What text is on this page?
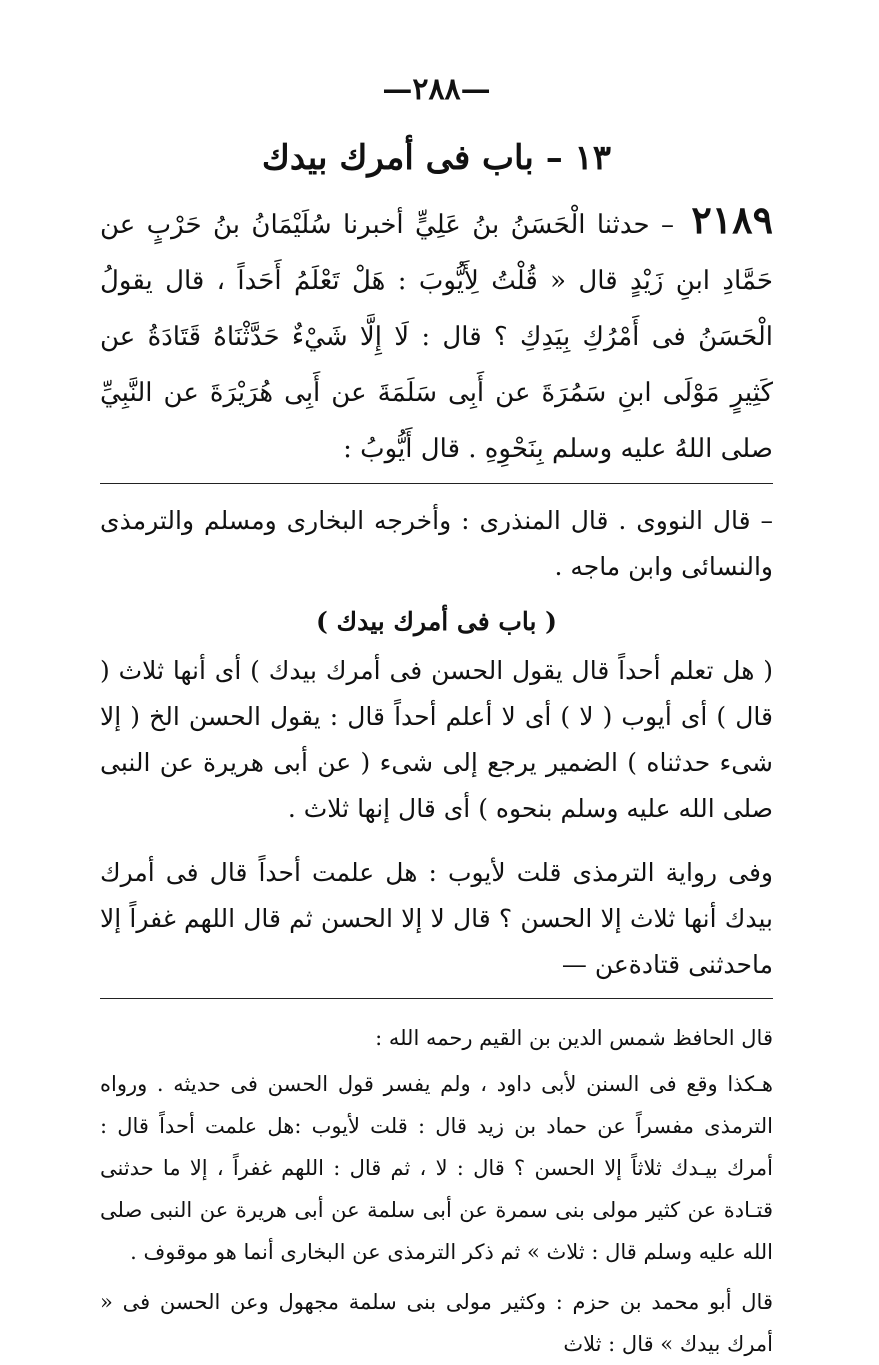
—٢٨٨—
١٣ – باب فى أمرك بيدك

٢١٨٩ – حدثنا الْحَسَنُ بنُ عَلِيٍّ أخبرنا سُلَيْمَانُ بنُ حَرْبٍ عن حَمَّادِ ابنِ زَيْدٍ قال « قُلْتُ لِأَيُّوبَ : هَلْ تَعْلَمُ أَحَداً ، قال يقولُ الْحَسَنُ فى أَمْرُكِ بِيَدِكِ ؟ قال : لَا إِلَّا شَيْءٌ حَدَّثْنَاهُ قَتَادَةُ عن كَثِيرٍ مَوْلَى ابنِ سَمُرَةَ عن أَبِى سَلَمَةَ عن أَبِى هُرَيْرَةَ عن النَّبِيِّ صلى اللهُ عليه وسلم بِنَحْوِهِ . قال أَيُّوبُ :

– قال النووى . قال المنذرى : وأخرجه البخارى ومسلم والترمذى والنسائى وابن ماجه .

( باب فى أمرك بيدك )

( هل تعلم أحداً قال يقول الحسن فى أمرك بيدك ) أى أنها ثلاث ( قال ) أى أيوب ( لا ) أى لا أعلم أحداً قال : يقول الحسن الخ ( إلا شىء حدثناه ) الضمير يرجع إلى شىء ( عن أبى هريرة عن النبى صلى الله عليه وسلم بنحوه ) أى قال إنها ثلاث .

وفى رواية الترمذى قلت لأيوب : هل علمت أحداً قال فى أمرك بيدك أنها ثلاث إلا الحسن ؟ قال لا إلا الحسن ثم قال اللهم غفراً إلا ماحدثنى قتادةعن —

قال الحافظ شمس الدين بن القيم رحمه الله :

هـكذا وقع فى السنن لأبى داود ، ولم يفسر قول الحسن فى حديثه . ورواه الترمذى مفسراً عن حماد بن زيد قال : قلت لأيوب :هل علمت أحداً قال : أمرك بيـدك ثلاثاً إلا الحسن ؟ قال : لا ، ثم قال : اللهم غفراً ، إلا ما حدثنى قتـادة عن كثير مولى بنى سمرة عن أبى سلمة عن أبى هريرة عن النبى صلى الله عليه وسلم قال : ثلاث » ثم ذكر الترمذى عن البخارى أنما هو موقوف .

قال أبو محمد بن حزم : وكثير مولى بنى سلمة مجهول وعن الحسن فى « أمرك بيدك » قال : ثلاث
